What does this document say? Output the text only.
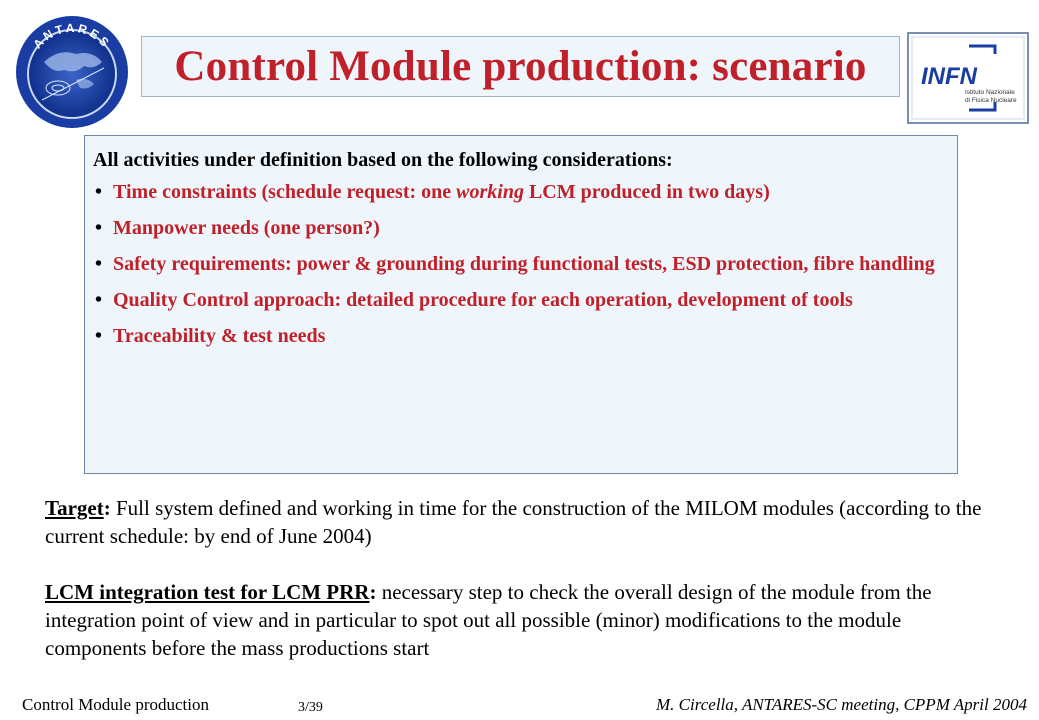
ANTARES
Control Module production: scenario INFN
Istituto Nazionale
di Fisica Nucleare

All activities under definition based on the following considerations:

• Time constraints (schedule request: one working LCM produced in two days)
• Manpower needs (one person?)
• Safety requirements: power & grounding during functional tests, ESD protection, fibre handling
• Quality Control approach: detailed procedure for each operation, development of tools
• Traceability & test needs
Target: Full system defined and working in time for the construction of the MILOM modules (according to the current schedule: by end of June 2004)
LCM integration test for LCM PRR: necessary step to check the overall design of the module from the integration point of view and in particular to spot out all possible (minor) modifications to the module components before the mass productions start
Control Module production	3/39	M. Circella, ANTARES-SC meeting, CPPM April 2004
